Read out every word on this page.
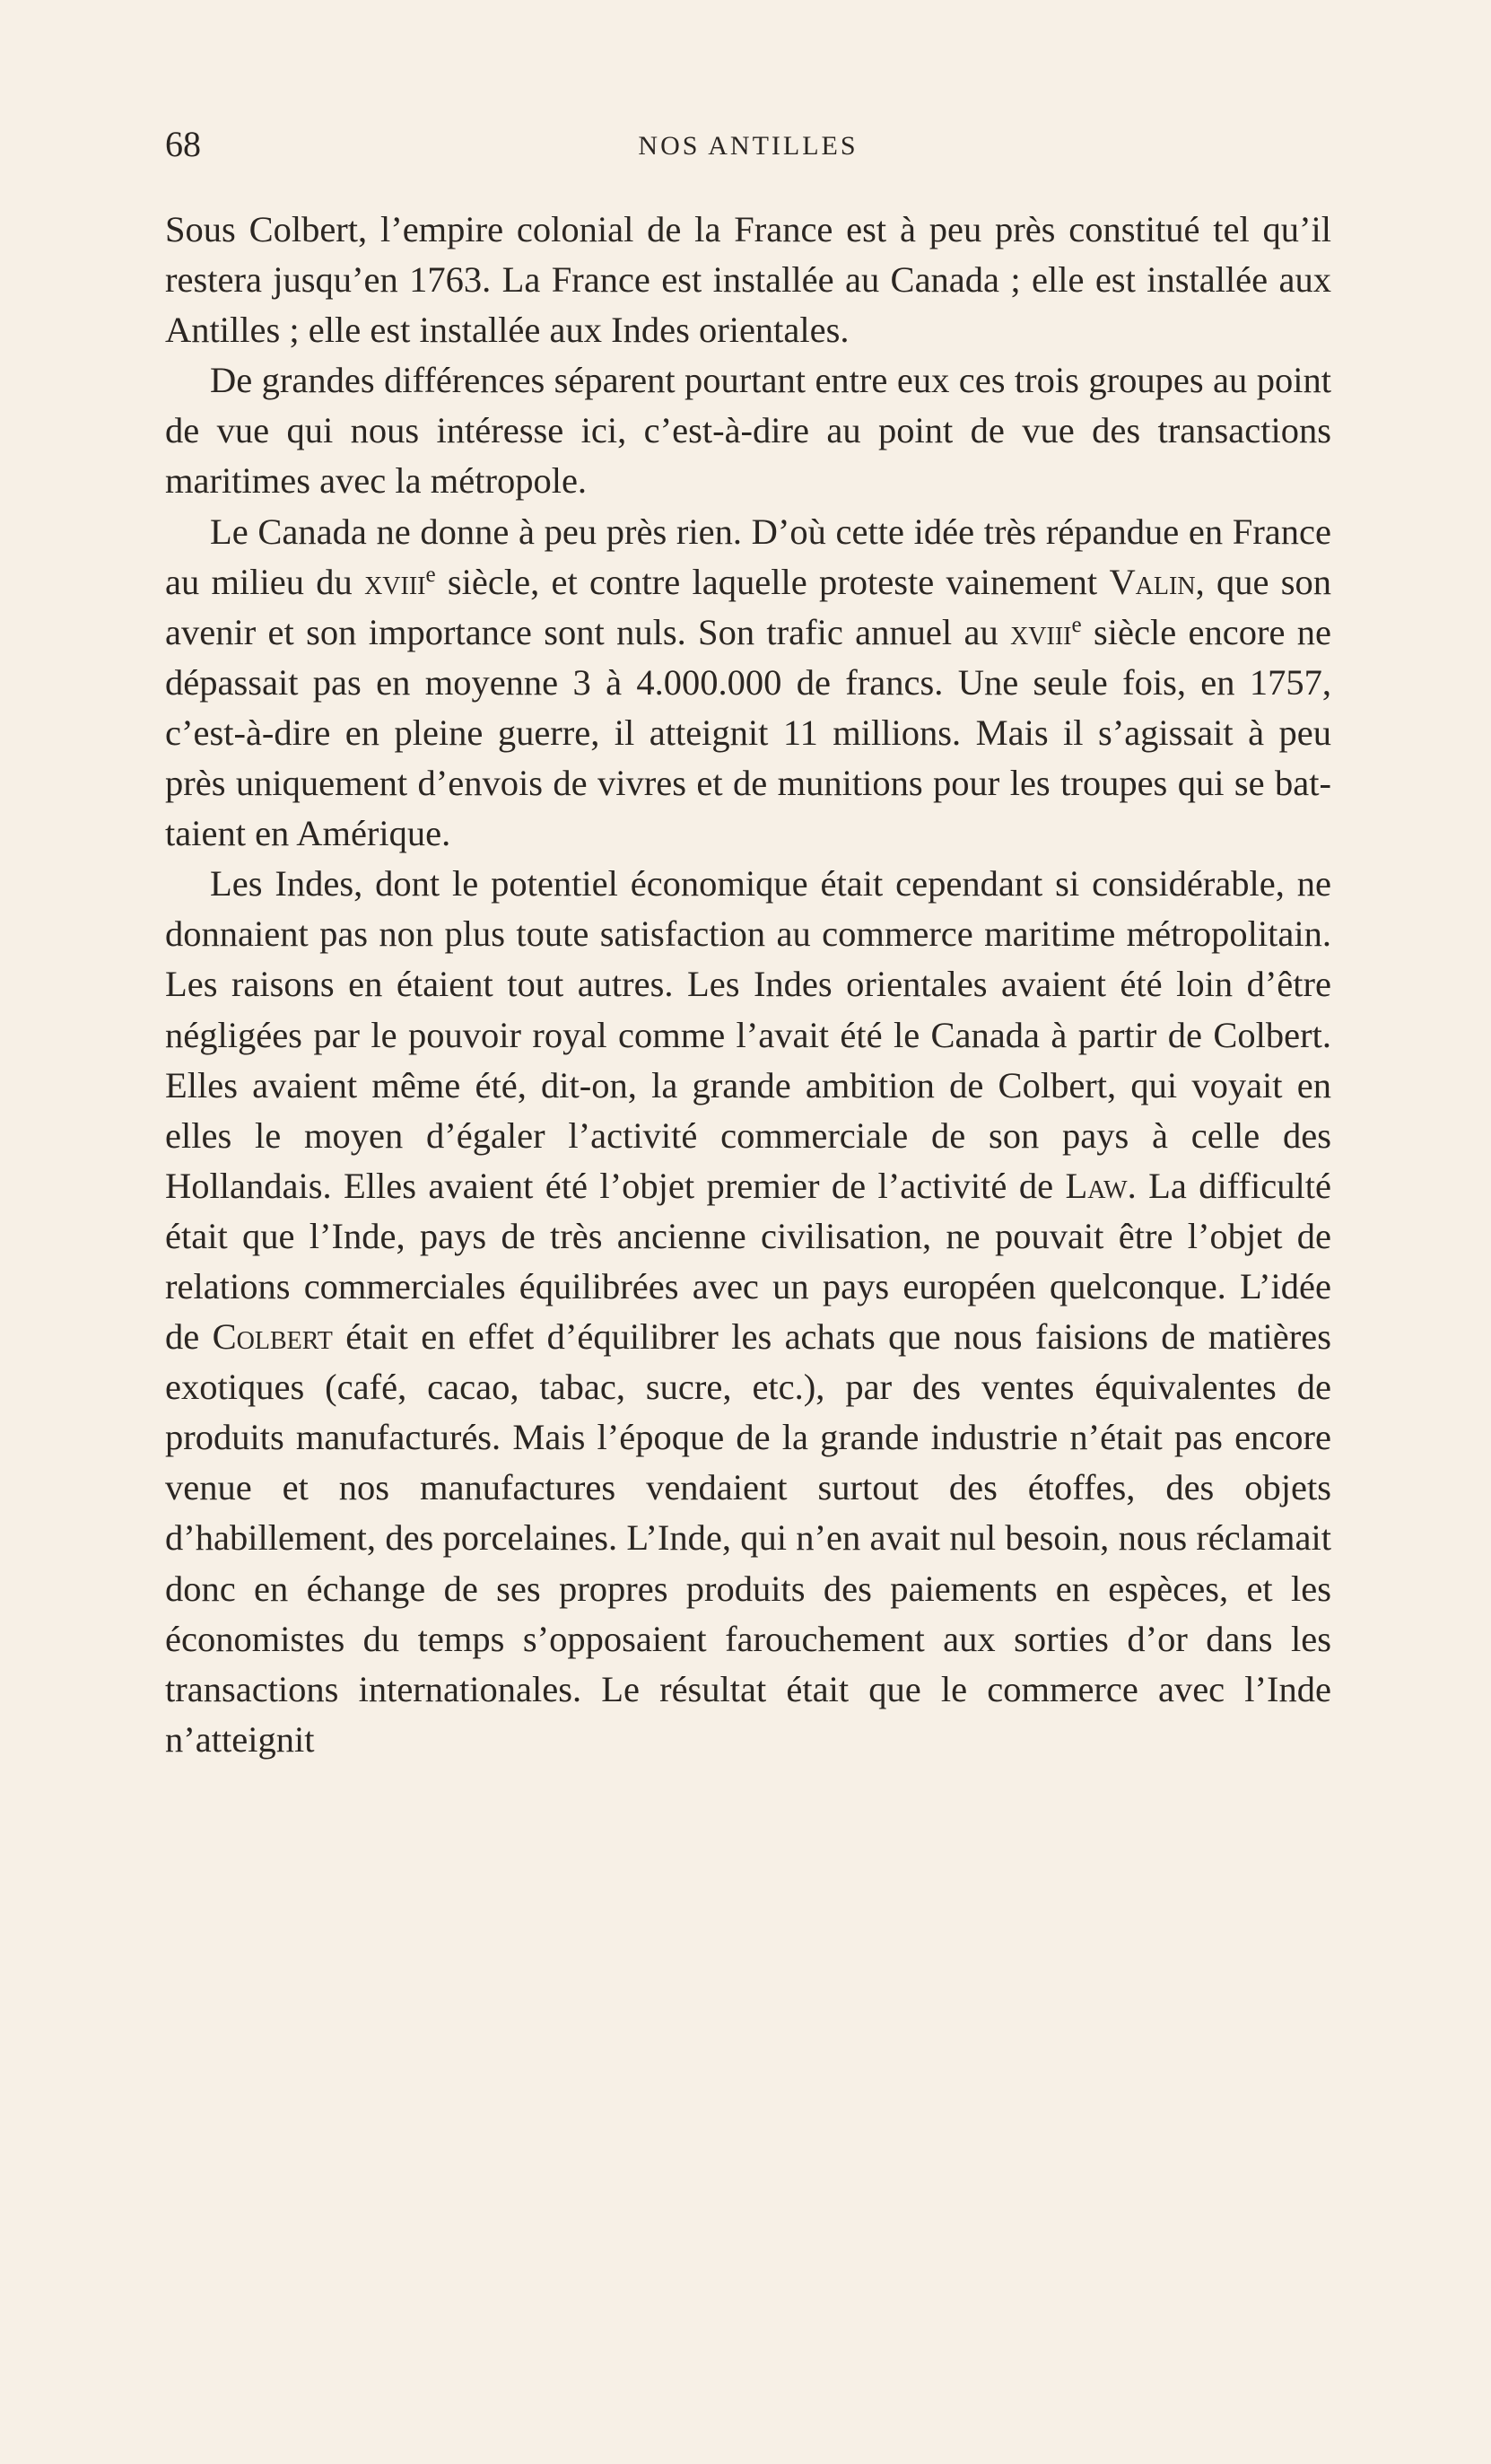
68	NOS ANTILLES

Sous Colbert, l’empire colonial de la France est à peu près constitué tel qu’il restera jusqu’en 1763. La France est installée au Canada ; elle est installée aux Antilles ; elle est installée aux Indes orientales.

De grandes différences séparent pourtant entre eux ces trois groupes au point de vue qui nous intéresse ici, c’est-à-dire au point de vue des transactions maritimes avec la métropole.

Le Canada ne donne à peu près rien. D’où cette idée très répandue en France au milieu du xviii$^e$ siècle, et contre laquelle proteste vainement Valin, que son avenir et son importance sont nuls. Son trafic annuel au xviii$^e$ siècle encore ne dépassait pas en moyenne 3 à 4.000.000 de francs. Une seule fois, en 1757, c’est-à-dire en pleine guerre, il atteignit 11 millions. Mais il s’agissait à peu près uniquement d’envois de vivres et de munitions pour les troupes qui se battaient en Amérique.

Les Indes, dont le potentiel économique était cependant si considérable, ne donnaient pas non plus toute satisfaction au commerce maritime métropolitain. Les raisons en étaient tout autres. Les Indes orientales avaient été loin d’être négligées par le pouvoir royal comme l’avait été le Canada à partir de Colbert. Elles avaient même été, dit-on, la grande ambition de Colbert, qui voyait en elles le moyen d’égaler l’activité commerciale de son pays à celle des Hollandais. Elles avaient été l’objet premier de l’activité de Law. La difficulté était que l’Inde, pays de très ancienne civilisation, ne pouvait être l’objet de relations commerciales équilibrées avec un pays européen quelconque. L’idée de Colbert était en effet d’équilibrer les achats que nous faisions de matières exotiques (café, cacao, tabac, sucre, etc.), par des ventes équivalentes de produits manufacturés. Mais l’époque de la grande industrie n’était pas encore venue et nos manufactures vendaient surtout des étoffes, des objets d’habillement, des porcelaines. L’Inde, qui n’en avait nul besoin, nous réclamait donc en échange de ses propres produits des paiements en espèces, et les économistes du temps s’opposaient farouchement aux sorties d’or dans les transactions internationales. Le résultat était que le commerce avec l’Inde n’atteignit
